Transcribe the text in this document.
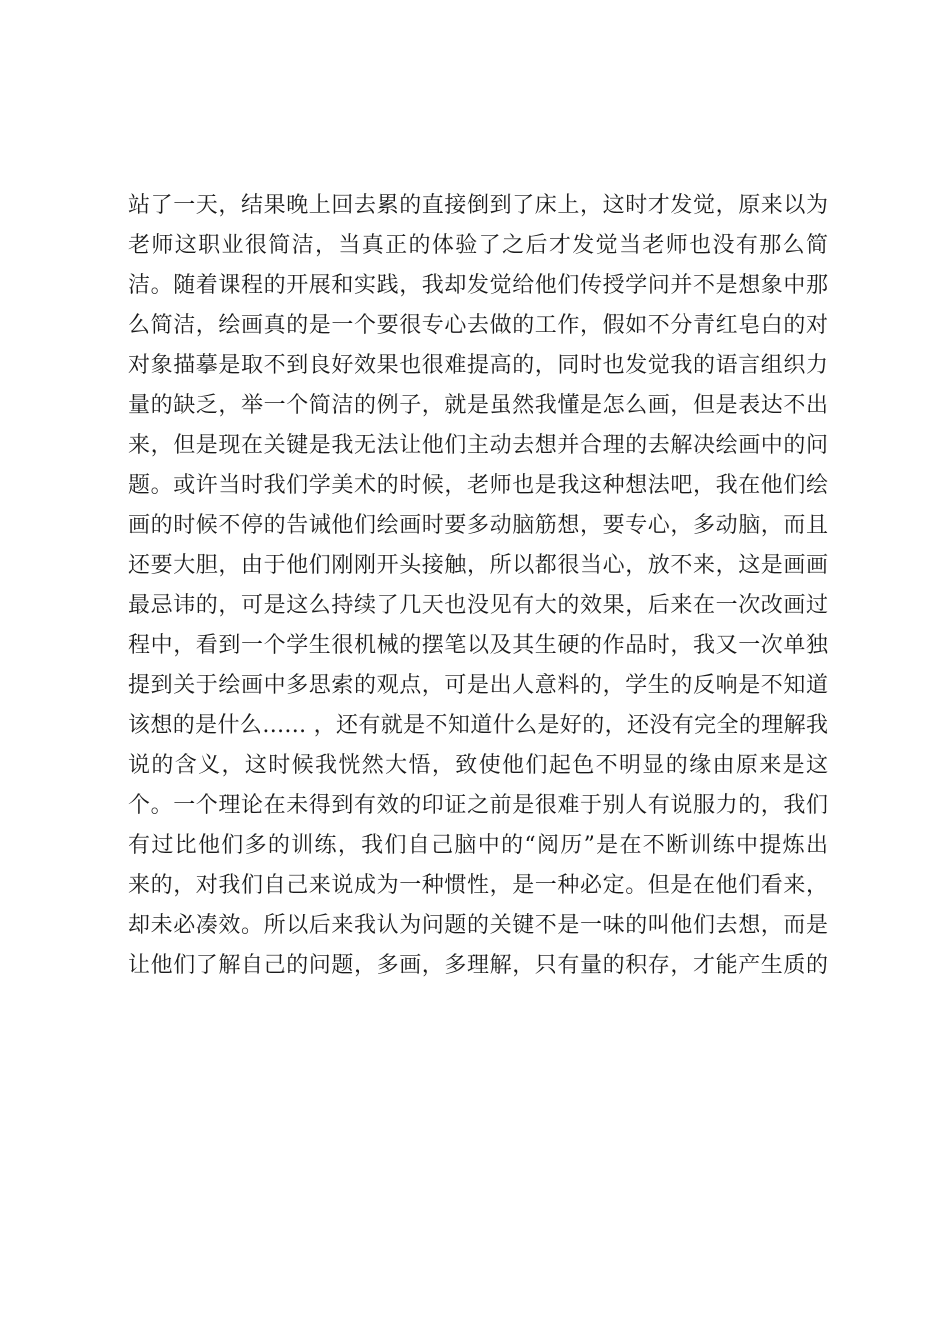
站了一天，结果晚上回去累的直接倒到了床上，这时才发觉，原来以为
老师这职业很简洁，当真正的体验了之后才发觉当老师也没有那么简
洁。随着课程的开展和实践，我却发觉给他们传授学问并不是想象中那
么简洁，绘画真的是一个要很专心去做的工作，假如不分青红皂白的对
对象描摹是取不到良好效果也很难提高的，同时也发觉我的语言组织力
量的缺乏，举一个简洁的例子，就是虽然我懂是怎么画，但是表达不出
来，但是现在关键是我无法让他们主动去想并合理的去解决绘画中的问
题。或许当时我们学美术的时候，老师也是我这种想法吧，我在他们绘
画的时候不停的告诫他们绘画时要多动脑筋想，要专心，多动脑，而且
还要大胆，由于他们刚刚开头接触，所以都很当心，放不来，这是画画
最忌讳的，可是这么持续了几天也没见有大的效果，后来在一次改画过
程中，看到一个学生很机械的摆笔以及其生硬的作品时，我又一次单独
提到关于绘画中多思索的观点，可是出人意料的，学生的反响是不知道
该想的是什么…… ，还有就是不知道什么是好的，还没有完全的理解我
说的含义，这时候我恍然大悟，致使他们起色不明显的缘由原来是这
个。一个理论在未得到有效的印证之前是很难于别人有说服力的，我们
有过比他们多的训练，我们自己脑中的“阅历”是在不断训练中提炼出
来的，对我们自己来说成为一种惯性，是一种必定。但是在他们看来，
却未必凑效。所以后来我认为问题的关键不是一味的叫他们去想，而是
让他们了解自己的问题，多画，多理解，只有量的积存，才能产生质的
